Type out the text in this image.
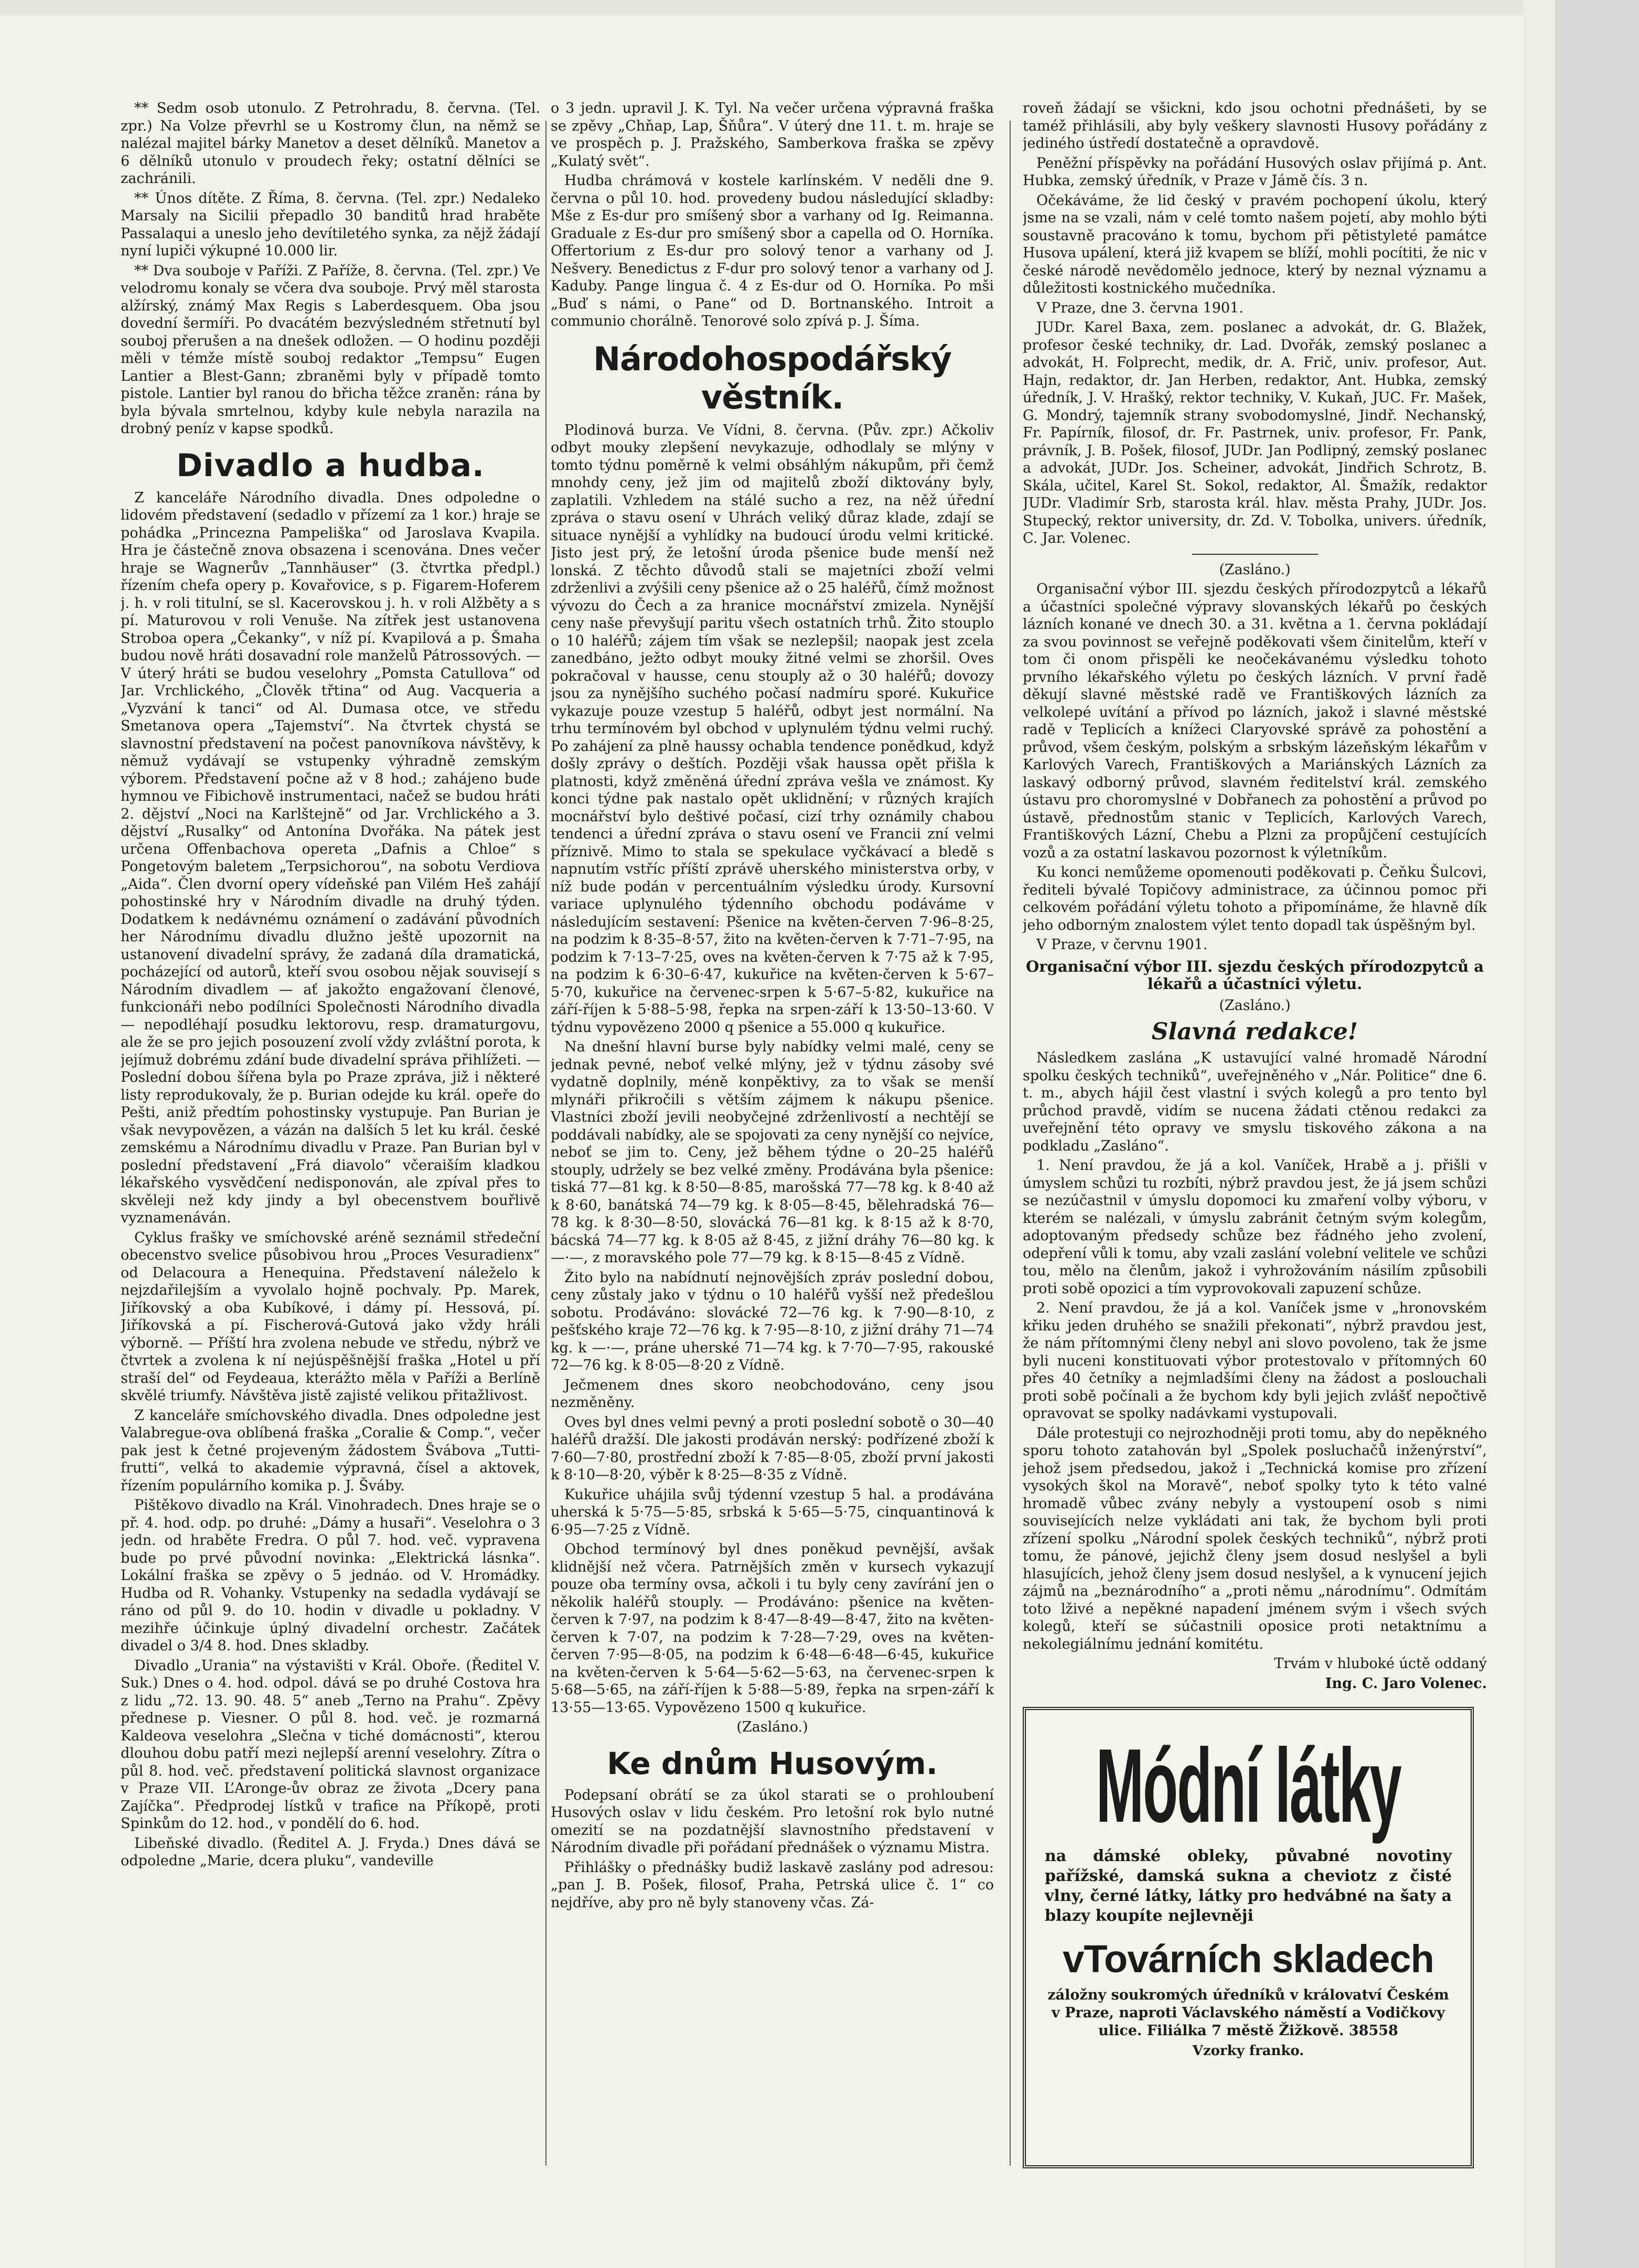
** Sedm osob utonulo. Z Petrohradu, 8. června. (Tel. zpr.) Na Volze převrhl se u Kostromy člun, na němž se nalézal majitel bárky Manetov a deset dělníků. Manetov a 6 dělníků utonulo v proudech řeky; ostatní dělníci se zachránili.

** Únos dítěte. Z Říma, 8. června. (Tel. zpr.) Nedaleko Marsaly na Sicilii přepadlo 30 banditů hrad hraběte Passalaqui a uneslo jeho devítiletého synka, za nějž žádají nyní lupiči výkupné 10.000 lir.

** Dva souboje v Paříži. Z Paříže, 8. června. (Tel. zpr.) Ve velodromu konaly se včera dva souboje. Prvý měl starosta alžírský, známý Max Regis s Laberdesquem. Oba jsou dovední šermíři. Po dvacátém bezvýsledném střetnutí byl souboj přerušen a na dnešek odložen. — O hodinu později měli v témže místě souboj redaktor „Tempsu“ Eugen Lantier a Blest-Gann; zbraněmi byly v případě tomto pistole. Lantier byl ranou do břicha těžce zraněn: rána by byla bývala smrtelnou, kdyby kule nebyla narazila na drobný peníz v kapse spodků.

Divadlo a hudba.

Z kanceláře Národního divadla. Dnes odpoledne o lidovém představení (sedadlo v přízemí za 1 kor.) hraje se pohádka „Princezna Pampeliška“ od Jaroslava Kvapila. Hra je částečně znova obsazena i scenována. Dnes večer hraje se Wagnerův „Tannhäuser“ (3. čtvrtka předpl.) řízením chefa opery p. Kovařovice, s p. Figarem-Hoferem j. h. v roli titulní, se sl. Kacerovskou j. h. v roli Alžběty a s pí. Maturovou v roli Venuše. Na zítřek jest ustanovena Stroboa opera „Čekanky“, v níž pí. Kvapilová a p. Šmaha budou nově hráti dosavadní role manželů Pátrossových. — V úterý hráti se budou veselohry „Pomsta Catullova“ od Jar. Vrchlického, „Člověk třtina“ od Aug. Vacqueria a „Vyzvání k tanci“ od Al. Dumasa otce, ve středu Smetanova opera „Tajemství“. Na čtvrtek chystá se slavnostní představení na počest panovníkova návštěvy, k němuž vydávají se vstupenky výhradně zemským výborem. Představení počne až v 8 hod.; zahájeno bude hymnou ve Fibichově instrumentaci, načež se budou hráti 2. dějství „Noci na Karlštejně“ od Jar. Vrchlického a 3. dějství „Rusalky“ od Antonína Dvořáka. Na pátek jest určena Offenbachova opereta „Dafnis a Chloe“ s Pongetovým baletem „Terpsichorou“, na sobotu Verdiova „Aida“. Člen dvorní opery vídeňské pan Vilém Heš zahájí pohostinské hry v Národním divadle na druhý týden. Dodatkem k nedávnému oznámení o zadávání původních her Národnímu divadlu dlužno ještě upozornit na ustanovení divadelní správy, že zadaná díla dramatická, pocházející od autorů, kteří svou osobou nějak souvisejí s Národním divadlem — ať jakožto engažovaní členové, funkcionáři nebo podílníci Společnosti Národního divadla — nepodléhají posudku lektorovu, resp. dramaturgovu, ale že se pro jejich posouzení zvolí vždy zvláštní porota, k jejímuž dobrému zdání bude divadelní správa přihlížeti. — Poslední dobou šířena byla po Praze zpráva, již i některé listy reprodukovaly, že p. Burian odejde ku král. opeře do Pešti, aniž předtím pohostinsky vystupuje. Pan Burian je však nevypovězen, a vázán na dalších 5 let ku král. české zemskému a Národnímu divadlu v Praze. Pan Burian byl v poslední představení „Frá diavolo“ včeraiším kladkou lékařského vysvědčení nedisponován, ale zpíval přes to skvěleji než kdy jindy a byl obecenstvem bouřlivě vyznamenáván.

Cyklus frašky ve smíchovské aréně seznámil středeční obecenstvo svelice působivou hrou „Proces Vesuradienx“ od Delacoura a Henequina. Představení náleželo k nejzdařilejším a vyvolalo hojně pochvaly. Pp. Marek, Jiříkovský a oba Kubíkové, i dámy pí. Hessová, pí. Jiříkovská a pí. Fischerová-Gutová jako vždy hráli výborně. — Příští hra zvolena nebude ve středu, nýbrž ve čtvrtek a zvolena k ní nejúspěšnější fraška „Hotel u pří straší del“ od Feydeaua, kterážto měla v Paříži a Berlíně skvělé triumfy. Návštěva jistě zajisté velikou přitažlivost.

Z kanceláře smíchovského divadla. Dnes odpoledne jest Valabregue-ova oblíbená fraška „Coralie & Comp.“, večer pak jest k četné projeveným žádostem Švábova „Tutti-frutti“, velká to akademie výpravná, čísel a aktovek, řízením populárního komika p. J. Šváby.

Pištěkovo divadlo na Král. Vinohradech. Dnes hraje se o př. 4. hod. odp. po druhé: „Dámy a husaři“. Veselohra o 3 jedn. od hraběte Fredra. O půl 7. hod. več. vypravena bude po prvé původní novinka: „Elektrická lásnka“. Lokální fraška se zpěvy o 5 jednáo. od V. Hromádky. Hudba od R. Vohanky. Vstupenky na sedadla vydávají se ráno od půl 9. do 10. hodin v divadle u pokladny. V mezihře účinkuje úplný divadelní orchestr. Začátek divadel o 3/4 8. hod. Dnes skladby.

Divadlo „Urania“ na výstavišti v Král. Oboře. (Ředitel V. Suk.) Dnes o 4. hod. odpol. dává se po druhé Costova hra z lidu „72. 13. 90. 48. 5“ aneb „Terno na Prahu“. Zpěvy přednese p. Viesner. O půl 8. hod. več. je rozmarná Kaldeova veselohra „Slečna v tiché domácnosti“, kterou dlouhou dobu patří mezi nejlepší arenní veselohry. Zítra o půl 8. hod. več. představení politická slavnost organizace v Praze VII. L’Aronge-ův obraz ze života „Dcery pana Zajíčka“. Předprodej lístků v trafice na Příkopě, proti Spinkům do 12. hod., v pondělí do 6. hod.

Libeňské divadlo. (Ředitel A. J. Fryda.) Dnes dává se odpoledne „Marie, dcera pluku“, vandeville

o 3 jedn. upravil J. K. Tyl. Na večer určena výpravná fraška se zpěvy „Chňap, Lap, Šňůra“. V úterý dne 11. t. m. hraje se ve prospěch p. J. Pražského, Samberkova fraška se zpěvy „Kulatý svět“.

Hudba chrámová v kostele karlínském. V neděli dne 9. června o půl 10. hod. provedeny budou následující skladby: Mše z Es-dur pro smíšený sbor a varhany od Ig. Reimanna. Graduale z Es-dur pro smíšený sbor a capella od O. Horníka. Offertorium z Es-dur pro solový tenor a varhany od J. Nešvery. Benedictus z F-dur pro solový tenor a varhany od J. Kaduby. Pange lingua č. 4 z Es-dur od O. Horníka. Po mši „Buď s námi, o Pane“ od D. Bortnanského. Introit a communio chorálně. Tenorové solo zpívá p. J. Šíma.

Národohospodářský věstník.

Plodinová burza. Ve Vídni, 8. června. (Pův. zpr.) Ačkoliv odbyt mouky zlepšení nevykazuje, odhodlaly se mlýny v tomto týdnu poměrně k velmi obsáhlým nákupům, při čemž mnohdy ceny, jež jim od majitelů zboží diktovány byly, zaplatili. Vzhledem na stálé sucho a rez, na něž úřední zpráva o stavu osení v Uhrách veliký důraz klade, zdají se situace nynější a vyhlídky na budoucí úrodu velmi kritické. Jisto jest prý, že letošní úroda pšenice bude menší než lonská. Z těchto důvodů stali se majetníci zboží velmi zdrženlivi a zvýšili ceny pšenice až o 25 haléřů, čímž možnost vývozu do Čech a za hranice mocnářství zmizela. Nynější ceny naše převyšují paritu všech ostatních trhů. Žito stouplo o 10 haléřů; zájem tím však se nezlepšil; naopak jest zcela zanedbáno, ježto odbyt mouky žitné velmi se zhoršil. Oves pokračoval v hausse, cenu stouply až o 30 haléřů; dovozy jsou za nynějšího suchého počasí nadmíru sporé. Kukuřice vykazuje pouze vzestup 5 haléřů, odbyt jest normální. Na trhu termínovém byl obchod v uplynulém týdnu velmi ruchý. Po zahájení za plně haussy ochabla tendence ponědkud, když došly zprávy o deštích. Později však haussa opět přišla k platnosti, když změněná úřední zpráva vešla ve známost. Ky konci týdne pak nastalo opět uklidnění; v různých krajích mocnářství bylo deštivé počasí, cizí trhy oznámily chabou tendenci a úřední zpráva o stavu osení ve Francii zní velmi příznivě. Mimo to stala se spekulace vyčkávací a bledě s napnutím vstříc příští zprávě uherského ministerstva orby, v níž bude podán v percentuálním výsledku úrody. Kursovní variace uplynulého týdenního obchodu podáváme v následujícím sestavení: Pšenice na květen-červen 7·96–8·25, na podzim k 8·35–8·57, žito na květen-červen k 7·71–7·95, na podzim k 7·13–7·25, oves na květen-červen k 7·75 až k 7·95, na podzim k 6·30–6·47, kukuřice na květen-červen k 5·67–5·70, kukuřice na červenec-srpen k 5·67–5·82, kukuřice na září-říjen k 5·88–5·98, řepka na srpen-září k 13·50–13·60. V týdnu vypovězeno 2000 q pšenice a 55.000 q kukuřice.

Na dnešní hlavní burse byly nabídky velmi malé, ceny se jednak pevné, neboť velké mlýny, jež v týdnu zásoby své vydatně doplnily, méně konpěktivy, za to však se menší mlynáři přikročili s větším zájmem k nákupu pšenice. Vlastníci zboží jevili neobyčejné zdrženlivostí a nechtějí se poddávali nabídky, ale se spojovati za ceny nynější co nejvíce, neboť se jim to. Ceny, jež během týdne o 20–25 haléřů stouply, udržely se bez velké změny. Prodávána byla pšenice: tiská 77—81 kg. k 8·50—8·85, marošská 77—78 kg. k 8·40 až k 8·60, banátská 74—79 kg. k 8·05—8·45, bělehradská 76—78 kg. k 8·30—8·50, slovácká 76—81 kg. k 8·15 až k 8·70, bácská 74—77 kg. k 8·05 až 8·45, z jižní dráhy 76—80 kg. k —·—, z moravského pole 77—79 kg. k 8·15—8·45 z Vídně.

Žito bylo na nabídnutí nejnovějších zpráv poslední dobou, ceny zůstaly jako v týdnu o 10 haléřů vyšší než předešlou sobotu. Prodáváno: slovácké 72—76 kg. k 7·90—8·10, z pešťského kraje 72—76 kg. k 7·95—8·10, z jižní dráhy 71—74 kg. k —·—, práne uherské 71—74 kg. k 7·70—7·95, rakouské 72—76 kg. k 8·05—8·20 z Vídně.

Ječmenem dnes skoro neobchodováno, ceny jsou nezměněny.

Oves byl dnes velmi pevný a proti poslední sobotě o 30—40 haléřů dražší. Dle jakosti prodáván nerský: podřízené zboží k 7·60—7·80, prostřední zboží k 7·85—8·05, zboží první jakosti k 8·10—8·20, výběr k 8·25—8·35 z Vídně.

Kukuřice uhájila svůj týdenní vzestup 5 hal. a prodávána uherská k 5·75—5·85, srbská k 5·65—5·75, cinquantinová k 6·95—7·25 z Vídně.

Obchod termínový byl dnes poněkud pevnější, avšak klidnější než včera. Patrnějších změn v kursech vykazují pouze oba termíny ovsa, ačkoli i tu byly ceny zavírání jen o několik haléřů stouply. — Prodáváno: pšenice na květen-červen k 7·97, na podzim k 8·47—8·49—8·47, žito na květen-červen k 7·07, na podzim k 7·28—7·29, oves na květen-červen 7·95—8·05, na podzim k 6·48—6·48—6·45, kukuřice na květen-červen k 5·64—5·62—5·63, na červenec-srpen k 5·68—5·65, na září-říjen k 5·88—5·89, řepka na srpen-září k 13·55—13·65. Vypovězeno 1500 q kukuřice.

(Zasláno.)

Ke dnům Husovým.

Podepsaní obrátí se za úkol starati se o prohloubení Husových oslav v lidu českém. Pro letošní rok bylo nutné omezití se na pozdatnější slavnostního představení v Národním divadle při pořádaní přednášek o významu Mistra.

Přihlášky o přednášky budiž laskavě zaslány pod adresou: „pan J. B. Pošek, filosof, Praha, Petrská ulice č. 1“ co nejdříve, aby pro ně byly stanoveny včas. Zá-

roveň žádají se všickni, kdo jsou ochotni přednášeti, by se taméž přihlásili, aby byly veškery slavnosti Husovy pořádány z jediného ústředí dostatečně a opravdově.

Peněžní příspěvky na pořádání Husových oslav přijímá p. Ant. Hubka, zemský úředník, v Praze v Jámě čís. 3 n.

Očekáváme, že lid český v pravém pochopení úkolu, který jsme na se vzali, nám v celé tomto našem pojetí, aby mohlo býti soustavně pracováno k tomu, bychom při pětistyleté památce Husova upálení, která již kvapem se blíží, mohli pocítiti, že nic v české národě nevědomělo jednoce, který by neznal významu a důležitosti kostnického mučedníka.

V Praze, dne 3. června 1901.

JUDr. Karel Baxa, zem. poslanec a advokát, dr. G. Blažek, profesor české techniky, dr. Lad. Dvořák, zemský poslanec a advokát, H. Folprecht, medik, dr. A. Frič, univ. profesor, Aut. Hajn, redaktor, dr. Jan Herben, redaktor, Ant. Hubka, zemský úředník, J. V. Hrašký, rektor techniky, V. Kukaň, JUC. Fr. Mašek, G. Mondrý, tajemník strany svobodomyslné, Jindř. Nechanský, Fr. Papírník, filosof, dr. Fr. Pastrnek, univ. profesor, Fr. Pank, právník, J. B. Pošek, filosof, JUDr. Jan Podlipný, zemský poslanec a advokát, JUDr. Jos. Scheiner, advokát, Jindřich Schrotz, B. Skála, učitel, Karel St. Sokol, redaktor, Al. Šmažík, redaktor JUDr. Vladimír Srb, starosta král. hlav. města Prahy, JUDr. Jos. Stupecký, rektor university, dr. Zd. V. Tobolka, univers. úředník, C. Jar. Volenec.

(Zasláno.)

Organisační výbor III. sjezdu českých přírodozpytců a lékařů a účastníci společné výpravy slovanských lékařů po českých lázních konané ve dnech 30. a 31. května a 1. června pokládají za svou povinnost se veřejně poděkovati všem činitelům, kteří v tom či onom přispěli ke neočekávanému výsledku tohoto prvního lékařského výletu po českých lázních. V první řadě děkují slavné městské radě ve Františkových lázních za velkolepé uvítání a přívod po lázních, jakož i slavné městské radě v Teplicích a knížeci Claryovské správě za pohostění a průvod, všem českým, polským a srbským lázeňským lékařům v Karlových Varech, Františkových a Mariánských Lázních za laskavý odborný průvod, slavném ředitelství král. zemského ústavu pro choromyslné v Dobřanech za pohostění a průvod po ústavě, přednostům stanic v Teplicích, Karlových Varech, Františkových Lázní, Chebu a Plzni za propůjčení cestujících vozů a za ostatní laskavou pozornost k výletníkům.

Ku konci nemůžeme opomenouti poděkovati p. Čeňku Šulcovi, řediteli bývalé Topičovy administrace, za účinnou pomoc při celkovém pořádání výletu tohoto a připomínáme, že hlavně dík jeho odborným znalostem výlet tento dopadl tak úspěšným byl.

V Praze, v červnu 1901.

Organisační výbor III. sjezdu českých přírodozpytců a lékařů a účastníci výletu.

(Zasláno.)

Slavná redakce!

Následkem zaslána „K ustavující valné hromadě Národní spolku českých techniků“, uveřejněného v „Nár. Politice“ dne 6. t. m., abych hájil čest vlastní i svých kolegů a pro tento byl průchod pravdě, vidím se nucena žádati ctěnou redakci za uveřejnění této opravy ve smyslu tiskového zákona a na podkladu „Zasláno“.

1. Není pravdou, že já a kol. Vaníček, Hrabě a j. přišli v úmyslem schůzi tu rozbíti, nýbrž pravdou jest, že já jsem schůzi se nezúčastnil v úmyslu dopomoci ku zmaření volby výboru, v kterém se nalézali, v úmyslu zabránit četným svým kolegům, adoptovaným předsedy schůze bez řádného jeho zvolení, odepření vůli k tomu, aby vzali zaslání volební velitele ve schůzi tou, mělo na členům, jakož i vyhrožováním násilím způsobili proti sobě opozici a tím vyprovokovali zapuzení schůze.

2. Není pravdou, že já a kol. Vaníček jsme v „hronovském křiku jeden druhého se snažili překonati“, nýbrž pravdou jest, že nám přítomnými členy nebyl ani slovo povoleno, tak že jsme byli nuceni konstituovati výbor protestovalo v přítomných 60 přes 40 četníky a nejmladšími členy na žádost a poslouchali proti sobě počínali a že bychom kdy byli jejich zvlášť nepočtivě opravovat se spolky nadávkami vystupovali.

Dále protestuji co nejrozhodněji proti tomu, aby do nepěkného sporu tohoto zatahován byl „Spolek posluchačů inženýrství“, jehož jsem předsedou, jakož i „Technická komise pro zřízení vysokých škol na Moravě“, neboť spolky tyto k této valné hromadě vůbec zvány nebyly a vystoupení osob s nimi souvisejících nelze vykládati ani tak, že bychom byli proti zřízení spolku „Národní spolek českých techniků“, nýbrž proti tomu, že pánové, jejichž členy jsem dosud neslyšel a byli hlasujících, jehož členy jsem dosud neslyšel, a k vynucení jejich zájmů na „beznárodního“ a „proti němu „národnímu“. Odmítám toto lživé a nepěkné napadení jménem svým i všech svých kolegů, kteří se súčastnili oposice proti netaktnímu a nekolegiálnímu jednání komitétu.

Trvám v hluboké úctě oddaný

Ing. C. Jaro Volenec.

Módní látky
na dámské obleky, půvabné novotiny pařížské, damská sukna a cheviotz z čisté vlny, černé látky, látky pro hedvábné na šaty a blazy koupíte nejlevněji
vTovárních skladech
záložny soukromých úředníků v královatví Českém v Praze, naproti Václavského náměstí a Vodičkovy ulice. Filiálka 7 městě Žižkově. 38558
Vzorky franko.
